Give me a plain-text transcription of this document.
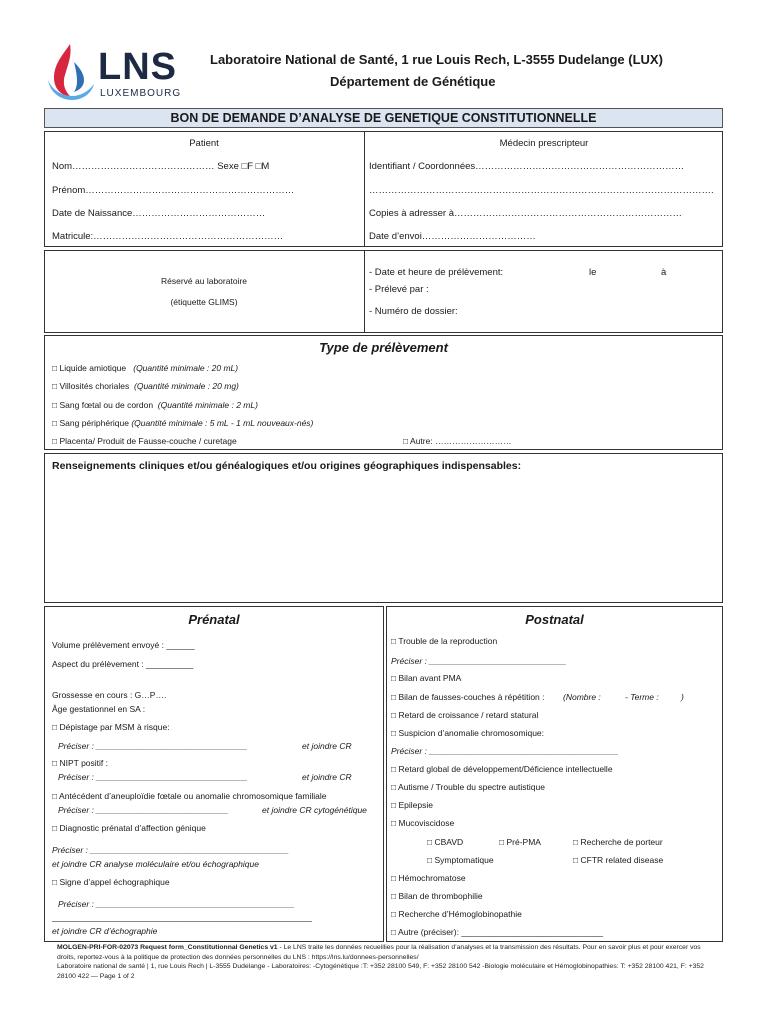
LNS
LUXEMBOURG
Laboratoire National de Santé, 1 rue Louis Rech, L-3555 Dudelange (LUX)
Département de Génétique
BON DE DEMANDE D’ANALYSE DE GENETIQUE CONSTITUTIONNELLE
Patient
Nom……………………………………… Sexe □F □M
Prénom…………………………………………………………
Date de Naissance……………………………………
Matricule:……………………………………………………
Médecin prescripteur
Identifiant / Coordonnées…………………………………………………………
……………………………………………………………………………………………….
Copies à adresser à………………………………………………………………
Date d’envoi………………………………
Réservé au laboratoire
(étiquette GLIMS)
- Date et heure de prélèvement:	le	à
- Prélevé par :
- Numéro de dossier:
Type de prélèvement
□ Liquide amiotique (Quantité minimale : 20 mL)
□ Villosités choriales (Quantité minimale : 20 mg)
□ Sang fœtal ou de cordon (Quantité minimale : 2 mL)
□ Sang périphérique (Quantité minimale : 5 mL - 1 mL nouveaux-nés)
□ Placenta/ Produit de Fausse-couche / curetage	□ Autre: ………………………
Renseignements cliniques et/ou généalogiques et/ou origines géographiques indispensables:
Prénatal	Postnatal
Volume prélèvement envoyé : ______
Aspect du prélèvement : __________
Grossesse en cours : G…P….
Âge gestationnel en SA :
□ Dépistage par MSM à risque:
Préciser : ________________________________	et joindre CR
□ NIPT positif :
Préciser : ________________________________	et joindre CR
□ Antécédent d’aneuploïdie fœtale ou anomalie chromosomique familiale
Préciser : ____________________________	et joindre CR cytogénétique
□ Diagnostic prénatal d’affection génique
Préciser : __________________________________________
et joindre CR analyse moléculaire et/ou échographique
□ Signe d’appel échographique
Préciser : __________________________________________
_______________________________________________________
et joindre CR d’échographie
□ Trouble de la reproduction
Préciser : _____________________________
□ Bilan avant PMA
□ Bilan de fausses-couches à répétition : (Nombre :	- Terme :	)
□ Retard de croissance / retard statural
□ Suspicion d’anomalie chromosomique:
Préciser : ________________________________________
□ Retard global de développement/Déficience intellectuelle
□ Autisme / Trouble du spectre autistique
□ Epilepsie
□ Mucoviscidose
□ CBAVD	□ Pré-PMA	□ Recherche de porteur
□ Symptomatique	□ CFTR related disease
□ Hémochromatose
□ Bilan de thrombophilie
□ Recherche d’Hémoglobinopathie
□ Autre (préciser): ______________________________
MOLGEN-PRI-FOR-02073 Request form_Constitutionnal Genetics v1 - Le LNS traite les données recueillies pour la réalisation d’analyses et la transmission des résultats. Pour en savoir plus et pour exercer vos droits, reportez-vous à la politique de protection des données personnelles du LNS : https://lns.lu/donnees-personnelles/
Laboratoire national de santé | 1, rue Louis Rech | L-3555 Dudelange - Laboratoires: -Cytogénétique :T: +352 28100 549, F: +352 28100 542 -Biologie moléculaire et Hémoglobinopathies: T: +352 28100 421, F: +352 28100 422 — Page 1 of 2
